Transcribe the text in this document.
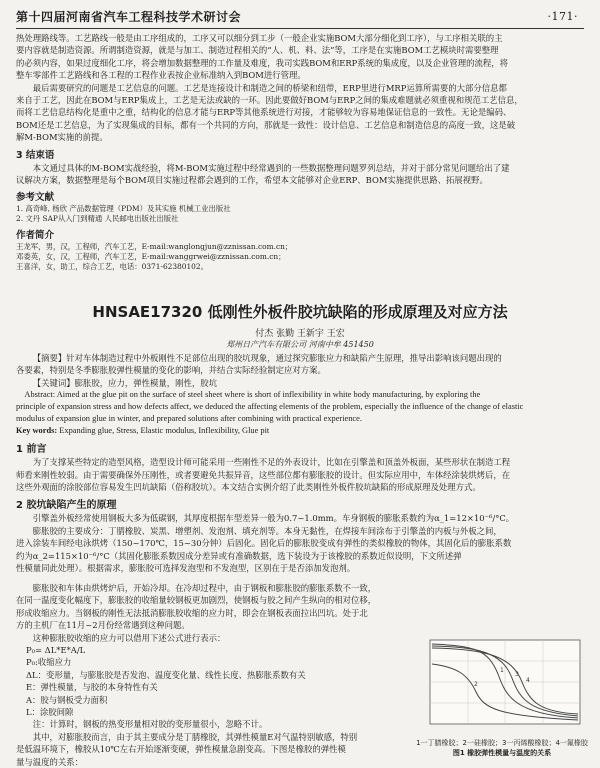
第十四届河南省汽车工程科技学术研讨会	·171·

热处理路线等。工艺路线一般是由工序组成的，工序又可以细分到工步（一般企业实施BOM大部分细化到工序），与工序相关联的主

要内容就是制造资源。所谓制造资源，就是与加工、制造过程相关的“人、机、料、法”等，工序是在实施BOM工艺模块时需要整理

的必须内容，如果过度细化工序，将会增加数据整理的工作量及难度，我司实践BOM和ERP系统的集成度，以及企业管理的流程，将

整车零部件工艺路线和各工程的工程作业表按企业标准纳入到BOM进行管理。

最后需要研究的问题是工艺信息的问题。工艺是连接设计和制造之间的桥梁和纽带，ERP里进行MRP运算所需要的大部分信息都

来自于工艺，因此在BOM与ERP集成上，工艺是无法或缺的一环。因此要做好BOM与ERP之间的集成难题就必须重视和规范工艺信息，

而将工艺信息结构化是重中之重，结构化的信息才能与ERP等其他系统进行对接，才能够较为容易地保证信息的一致性。无论是编码、

BOM还是工艺信息，为了实现集成的目标，都有一个共同的方向，那就是一致性：设计信息、工艺信息和制造信息的高度一致，这是破

解M-BOM实施的前提。

3 结束语

本文通过具体的M-BOM实战经验，将M-BOM实施过程中经常遇到的一些数据整理问题罗列总结，并对于部分常见问题给出了建

议解决方案，数据整理是每个BOM项目实施过程都会遇到的工作，希望本文能够对企业ERP、BOM实施提供思路、拓展视野。

参考文献

1. 高奇峰, 杨欣 产品数据管理（PDM）及其实施 机械工业出版社

2. 文丹 SAP从入门到精通 人民邮电出版社出版社

作者简介

王龙军，男，汉，工程师，汽车工艺，E-mail:wanglongjun@zznissan.com.cn；

邓委英，女，汉，工程师，汽车工艺，E-mail:wanggrwei@zznissan.com.cn；

王喜洋，女，助工，综合工艺，电话：0371-62380102。

HNSAE17320 低刚性外板件胶坑缺陷的形成原理及对应方法
付杰 张勤 王新宇 王宏
郑州日产汽车有限公司 河南中牟 451450

【摘要】针对车体制造过程中外板刚性不足部位出现的胶坑现象，通过探究膨胀应力和缺陷产生原理，推导出影响该问题出现的

各要素，特别是冬季膨胀胶弹性模量的变化的影响，并结合实际经验制定应对方案。

【关键词】膨胀胶，应力，弹性模量，刚性，胶坑

Abstract: Aimed at the glue pit on the surface of steel sheet where is short of inflexibility in white body manufacturing, by exploring the

principle of expansion stress and how defects affect, we deduced the affecting elements of the problem, especially the influence of the change of elastic

modulus of expansion glue in winter, and prepared solutions after combining with practical experience.

Key words: Expanding glue, Stress, Elastic modulus, Inflexibility, Glue pit

1 前言

为了支撑某些特定的造型风格，造型设计师可能采用一些刚性不足的外表设计，比如在引擎盖和顶盖外板面，某些形状在制造工程

师看来刚性较弱。由于需要确保外压刚性，或者要避免共振异音，这些部位都有膨胀胶的设计。但实际应用中，车体经涂装烘烤后，在

这些外观面的涂胶部位容易发生凹坑缺陷（俗称胶坑）。本文结合实例介绍了此类刚性外板件胶坑缺陷的形成原理及处理方式。

2 胶坑缺陷产生的原理

引擎盖外板经常使用钢板大多为低碳钢，其厚度根据车型差异一般为0.7~1.0mm。车身钢板的膨胀系数约为α_1=12×10⁻⁶/°C。

膨胀胶的主要成分：丁腈橡胶、炭黑、增塑剂、发泡剂、填充剂等。本身无黏性，在焊接车间涂布于引擎盖的内板与外板之间，

进入涂装车间经电泳烘烤（150~170℃，15~30分钟）后固化。固化后的膨胀胶变成有弹性的类似橡胶的物体，其固化后的膨胀系数

约为α_2=115×10⁻⁶/°C（其固化膨胀系数因成分差异或有准确数据，选下装设为于该橡胶的系数近似设明，下文所述弹

性模量同此处理）。根据需求，膨胀胶可选择发泡型和不发泡型，区别在于是否添加发泡剂。

膨胀胶和车体由烘烤炉后，开始冷却。在冷却过程中，由于钢板和膨胀胶的膨胀系数不一致，

在同一温度变化幅度下，膨胀胶的收缩量较钢板更加剧烈，使钢板与胶之间产生纵向的相对位移，

形成收缩应力。当钢板的刚性无法抵消膨胀胶收缩的应力时，即会在钢板表面拉出凹坑。处于北

方的主机厂在11月~2月份经常遇到这种问题。

这种膨胀胶收缩的应力可以借用下述公式进行表示：

P₀= ΔL*E*A/L

P₀:收缩应力

ΔL：变形量，与膨胀胶是否发泡、温度变化量、线性长度、热膨胀系数有关

E：弹性模量，与胶的本身特性有关

A：胶与钢板受力面积

L：涂胶间隙

注：计算时，钢板的热变形量相对胶的变形量很小，忽略不计。

其中，对膨胀胶而言，由于其主要成分是丁腈橡胶，其弹性模量E对气温特别敏感，特别

是低温环境下，橡胶从10℃左右开始逐渐变硬，弹性模量急剧变高。下图是橡胶的弹性模

量与温度的关系：

1
2
3
4
1一丁腈橡胶；2一硅橡胶；3一丙烯酸橡胶；4一氟橡胶
图1 橡胶弹性模量与温度的关系
